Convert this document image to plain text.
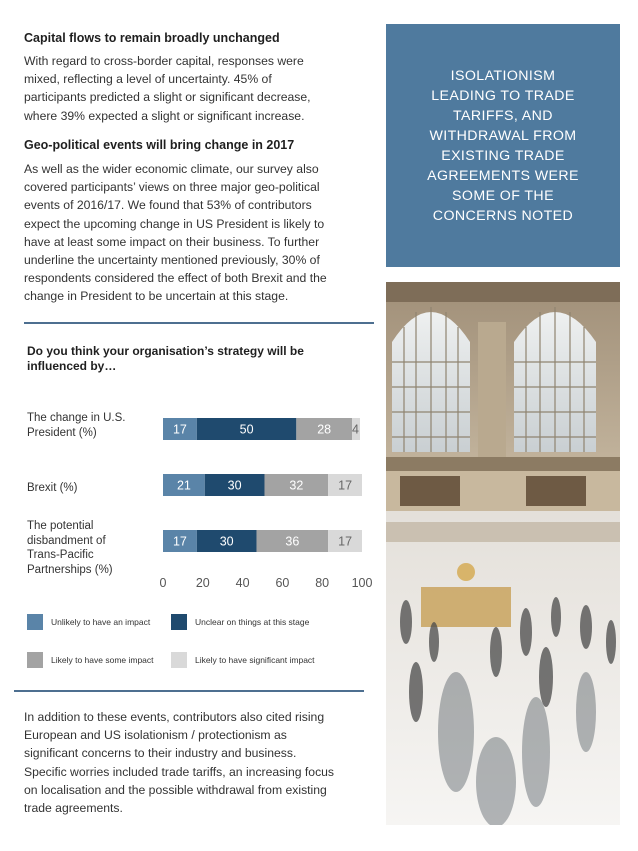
Capital flows to remain broadly unchanged
With regard to cross-border capital, responses were
mixed, reflecting a level of uncertainty. 45% of
participants predicted a slight or significant decrease,
where 39% expected a slight or significant increase.
Geo-political events will bring change in 2017
As well as the wider economic climate, our survey also
covered participants’ views on three major geo-political
events of 2016/17. We found that 53% of contributors
expect the upcoming change in US President is likely to
have at least some impact on their business. To further
underline the uncertainty mentioned previously, 30% of
respondents considered the effect of both Brexit and the
change in President to be uncertain at this stage.
ISOLATIONISM
LEADING TO TRADE
TARIFFS, AND
WITHDRAWAL FROM
EXISTING TRADE
AGREEMENTS WERE
SOME OF THE
CONCERNS NOTED

Do you think your organisation’s strategy will be influenced by…

The change in U.S.
President (%)
Brexit (%)
The potential
disbandment of
Trans-Pacific
Partnerships (%)
17	50	28 4
21	30	32	17
17	30	36	17
0 20 40 60 80 100
Unlikely to have an impact	Unclear on things at this stage
Likely to have some impact	Likely to have significant impact
In addition to these events, contributors also cited rising
European and US isolationism / protectionism as
significant concerns to their industry and business.
Specific worries included trade tariffs, an increasing focus
on localisation and the possible withdrawal from existing
trade agreements.
